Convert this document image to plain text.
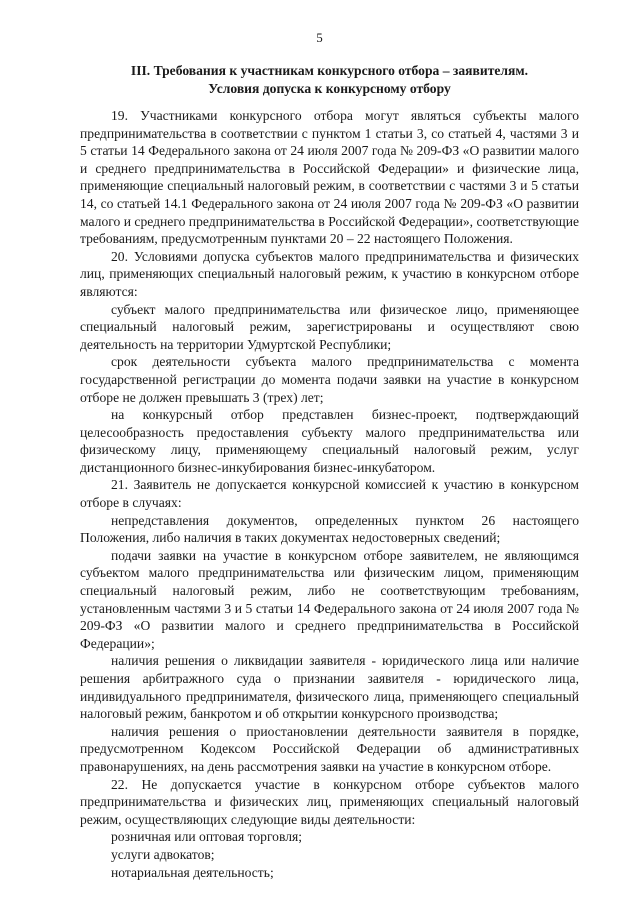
5
III. Требования к участникам конкурсного отбора – заявителям.
Условия допуска к конкурсному отбору

19. Участниками конкурсного отбора могут являться субъекты малого предпринимательства в соответствии с пунктом 1 статьи 3, со статьей 4, частями 3 и 5 статьи 14 Федерального закона от 24 июля 2007 года № 209-ФЗ «О развитии малого и среднего предпринимательства в Российской Федерации» и физические лица, применяющие специальный налоговый режим, в соответствии с частями 3 и 5 статьи 14, со статьей 14.1 Федерального закона от 24 июля 2007 года № 209-ФЗ «О развитии малого и среднего предпринимательства в Российской Федерации», соответствующие требованиям, предусмотренным пунктами 20 – 22 настоящего Положения.

20. Условиями допуска субъектов малого предпринимательства и физических лиц, применяющих специальный налоговый режим, к участию в конкурсном отборе являются:

субъект малого предпринимательства или физическое лицо, применяющее специальный налоговый режим, зарегистрированы и осуществляют свою деятельность на территории Удмуртской Республики;

срок деятельности субъекта малого предпринимательства с момента государственной регистрации до момента подачи заявки на участие в конкурсном отборе не должен превышать 3 (трех) лет;

на конкурсный отбор представлен бизнес-проект, подтверждающий целесообразность предоставления субъекту малого предпринимательства или физическому лицу, применяющему специальный налоговый режим, услуг дистанционного бизнес-инкубирования бизнес-инкубатором.

21. Заявитель не допускается конкурсной комиссией к участию в конкурсном отборе в случаях:

непредставления документов, определенных пунктом 26 настоящего Положения, либо наличия в таких документах недостоверных сведений;

подачи заявки на участие в конкурсном отборе заявителем, не являющимся субъектом малого предпринимательства или физическим лицом, применяющим специальный налоговый режим, либо не соответствующим требованиям, установленным частями 3 и 5 статьи 14 Федерального закона от 24 июля 2007 года № 209-ФЗ «О развитии малого и среднего предпринимательства в Российской Федерации»;

наличия решения о ликвидации заявителя - юридического лица или наличие решения арбитражного суда о признании заявителя - юридического лица, индивидуального предпринимателя, физического лица, применяющего специальный налоговый режим, банкротом и об открытии конкурсного производства;

наличия решения о приостановлении деятельности заявителя в порядке, предусмотренном Кодексом Российской Федерации об административных правонарушениях, на день рассмотрения заявки на участие в конкурсном отборе.

22. Не допускается участие в конкурсном отборе субъектов малого предпринимательства и физических лиц, применяющих специальный налоговый режим, осуществляющих следующие виды деятельности:

розничная или оптовая торговля;

услуги адвокатов;

нотариальная деятельность;
